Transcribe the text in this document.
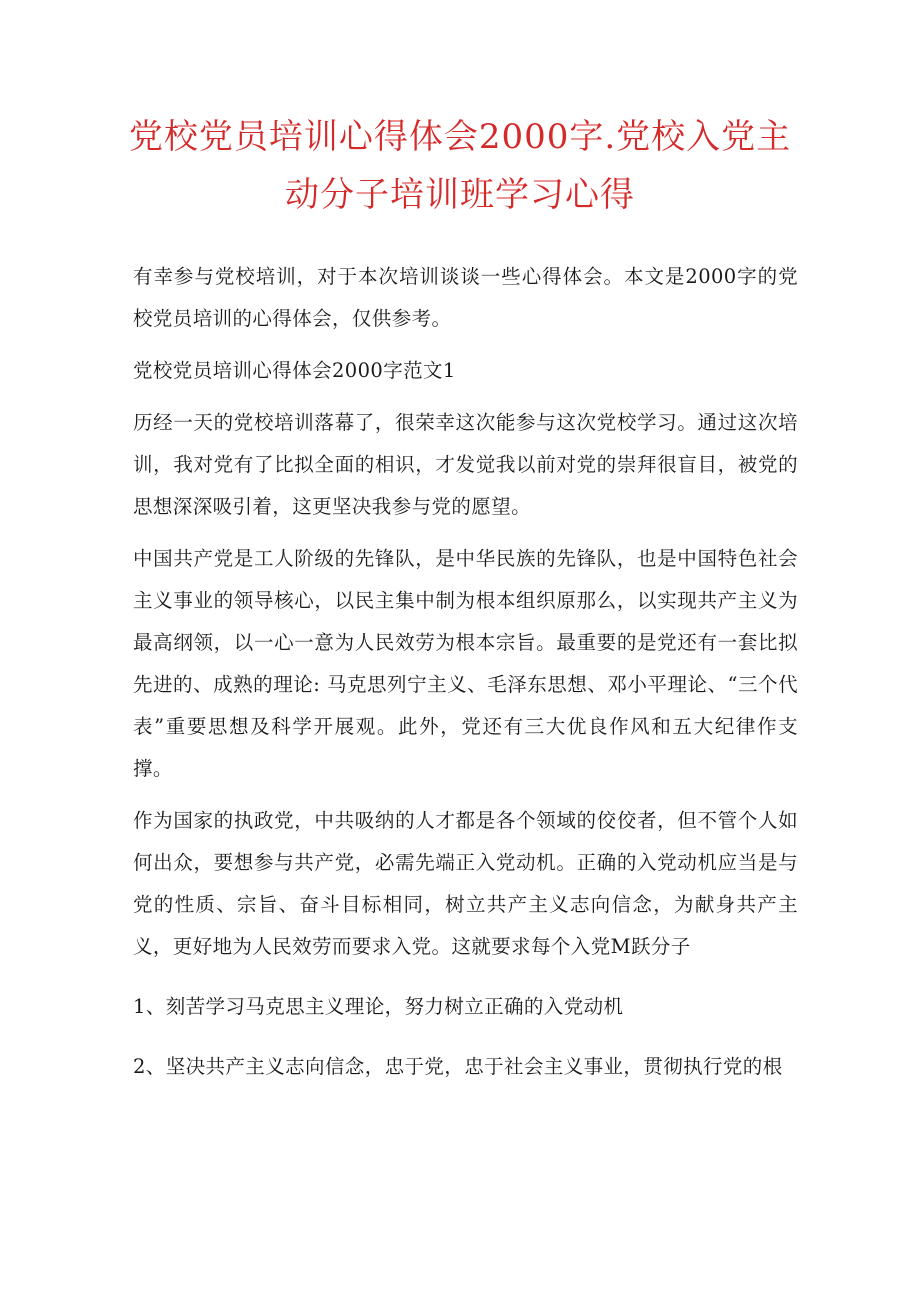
党校党员培训心得体会2000字.党校入党主
动分子培训班学习心得

有幸参与党校培训，对于本次培训谈谈一些心得体会。本文是2000字的党校党员培训的心得体会，仅供参考。

党校党员培训心得体会2000字范文1

历经一天的党校培训落幕了，很荣幸这次能参与这次党校学习。通过这次培训，我对党有了比拟全面的相识，才发觉我以前对党的崇拜很盲目，被党的思想深深吸引着，这更坚决我参与党的愿望。

中国共产党是工人阶级的先锋队，是中华民族的先锋队，也是中国特色社会主义事业的领导核心，以民主集中制为根本组织原那么，以实现共产主义为最高纲领，以一心一意为人民效劳为根本宗旨。最重要的是党还有一套比拟先进的、成熟的理论: 马克思列宁主义、毛泽东思想、邓小平理论、“三个代表”重要思想及科学开展观。此外，党还有三大优良作风和五大纪律作支撑。

作为国家的执政党，中共吸纳的人才都是各个领域的佼佼者，但不管个人如何出众，要想参与共产党，必需先端正入党动机。正确的入党动机应当是与党的性质、宗旨、奋斗目标相同，树立共产主义志向信念，为献身共产主义，更好地为人民效劳而要求入党。这就要求每个入党M跃分子

1、刻苦学习马克思主义理论，努力树立正确的入党动机

2、坚决共产主义志向信念，忠于党，忠于社会主义事业，贯彻执行党的根
